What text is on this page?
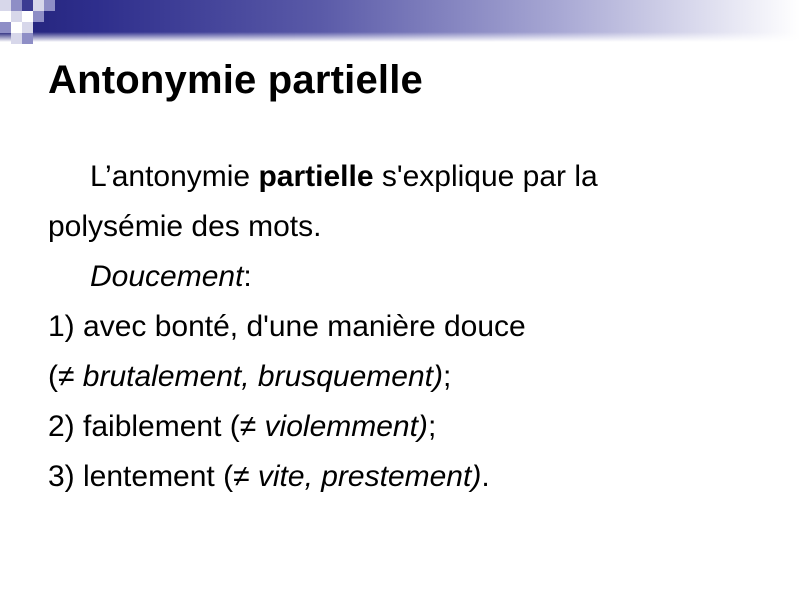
Antonymie partielle
L’antonymie partielle s'explique par la
polysémie des mots.
Doucement:
1) avec bonté, d'une manière douce
(≠ brutalement, brusquement);
2) faiblement (≠ violemment);
3) lentement (≠ vite, prestement).
